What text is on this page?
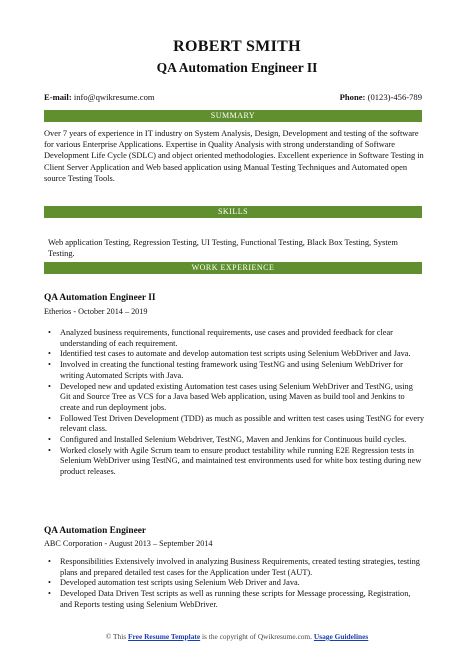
ROBERT SMITH
QA Automation Engineer II
E-mail: info@qwikresume.com	Phone: (0123)-456-789
SUMMARY
Over 7 years of experience in IT industry on System Analysis, Design, Development and testing of the software for various Enterprise Applications. Expertise in Quality Analysis with strong understanding of Software Development Life Cycle (SDLC) and object oriented methodologies. Excellent experience in Software Testing in Client Server Application and Web based application using Manual Testing Techniques and Automated open source Testing Tools.
SKILLS
Web application Testing, Regression Testing, UI Testing, Functional Testing, Black Box Testing, System Testing.
WORK EXPERIENCE
QA Automation Engineer II
Etherios - October 2014 – 2019
• Analyzed business requirements, functional requirements, use cases and provided feedback for clear understanding of each requirement.
• Identified test cases to automate and develop automation test scripts using Selenium WebDriver and Java.
• Involved in creating the functional testing framework using TestNG and using Selenium WebDriver for writing Automated Scripts with Java.
• Developed new and updated existing Automation test cases using Selenium WebDriver and TestNG, using Git and Source Tree as VCS for a Java based Web application, using Maven as build tool and Jenkins to create and run deployment jobs.
• Followed Test Driven Development (TDD) as much as possible and written test cases using TestNG for every relevant class.
• Configured and Installed Selenium Webdriver, TestNG, Maven and Jenkins for Continuous build cycles.
• Worked closely with Agile Scrum team to ensure product testability while running E2E Regression tests in Selenium WebDriver using TestNG, and maintained test environments used for white box testing during new product releases.
QA Automation Engineer
ABC Corporation - August 2013 – September 2014
• Responsibilities Extensively involved in analyzing Business Requirements, created testing strategies, testing plans and prepared detailed test cases for the Application under Test (AUT).
• Developed automation test scripts using Selenium Web Driver and Java.
• Developed Data Driven Test scripts as well as running these scripts for Message processing, Registration, and Reports testing using Selenium WebDriver.
© This Free Resume Template is the copyright of Qwikresume.com. Usage Guidelines
